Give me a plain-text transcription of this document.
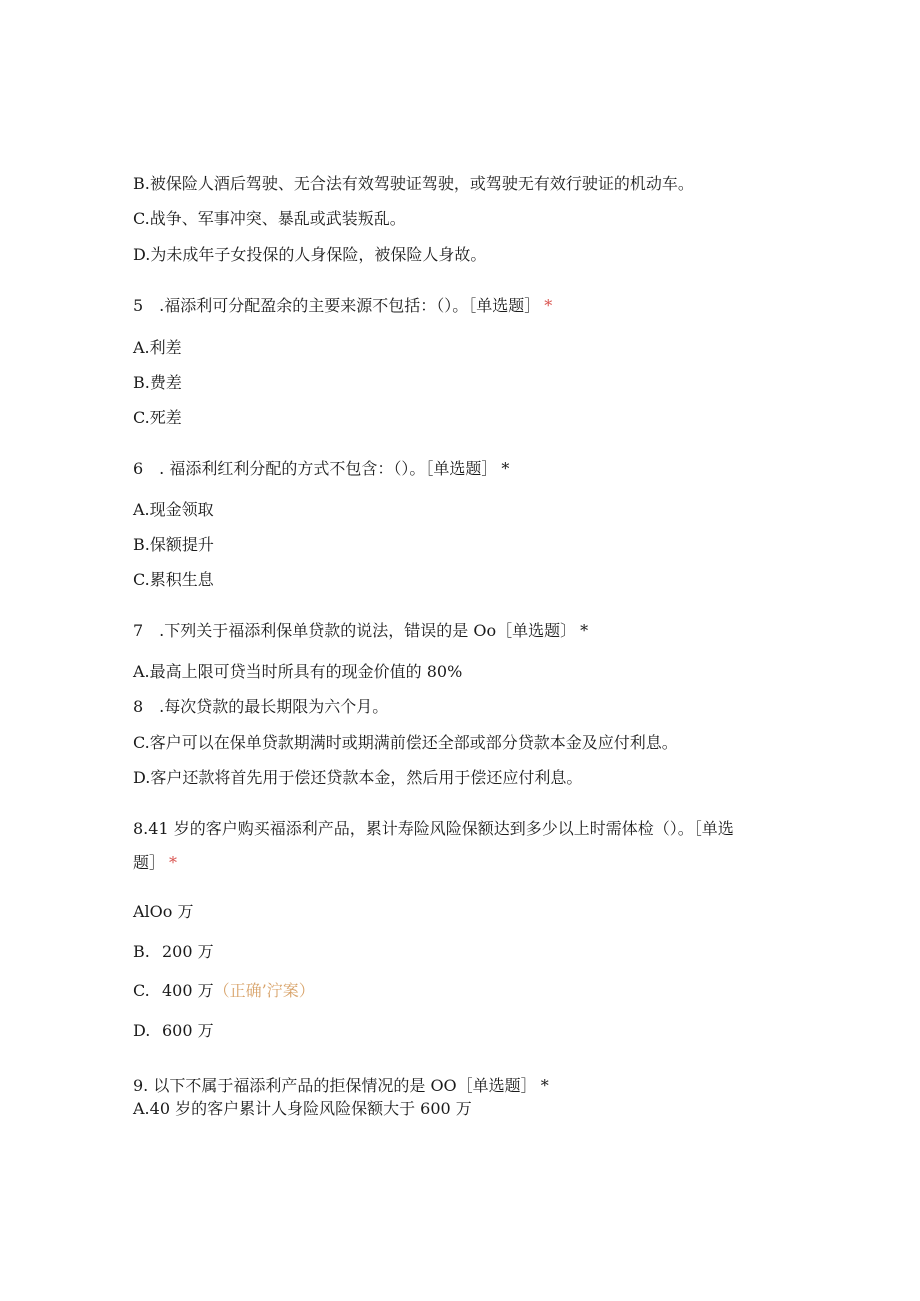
B.被保险人酒后驾驶、无合法有效驾驶证驾驶，或驾驶无有效行驶证的机动车。
C.战争、军事冲突、暴乱或武装叛乱。
D.为未成年子女投保的人身保险，被保险人身故。
5　.福添利可分配盈余的主要来源不包括：（）。［单选题］ *
A.利差
B.费差
C.死差
6　. 福添利红利分配的方式不包含：（）。［单选题］ *
A.现金领取
B.保额提升
C.累积生息
7　.下列关于福添利保单贷款的说法，错误的是 Oo［单选题〕 *
A.最高上限可贷当时所具有的现金价值的 80%
8　.每次贷款的最长期限为六个月。
C.客户可以在保单贷款期满时或期满前偿还全部或部分贷款本金及应付利息。
D.客户还款将首先用于偿还贷款本金，然后用于偿还应付利息。
8.41 岁的客户购买福添利产品，累计寿险风险保额达到多少以上时需体检（）。［单选
题］ *
AlOo 万
B. 200 万
C. 400 万（正确’泞案）
D. 600 万
9. 以下不属于福添利产品的拒保情况的是 OO［单选题］ *
A.40 岁的客户累计人身险风险保额大于 600 万
